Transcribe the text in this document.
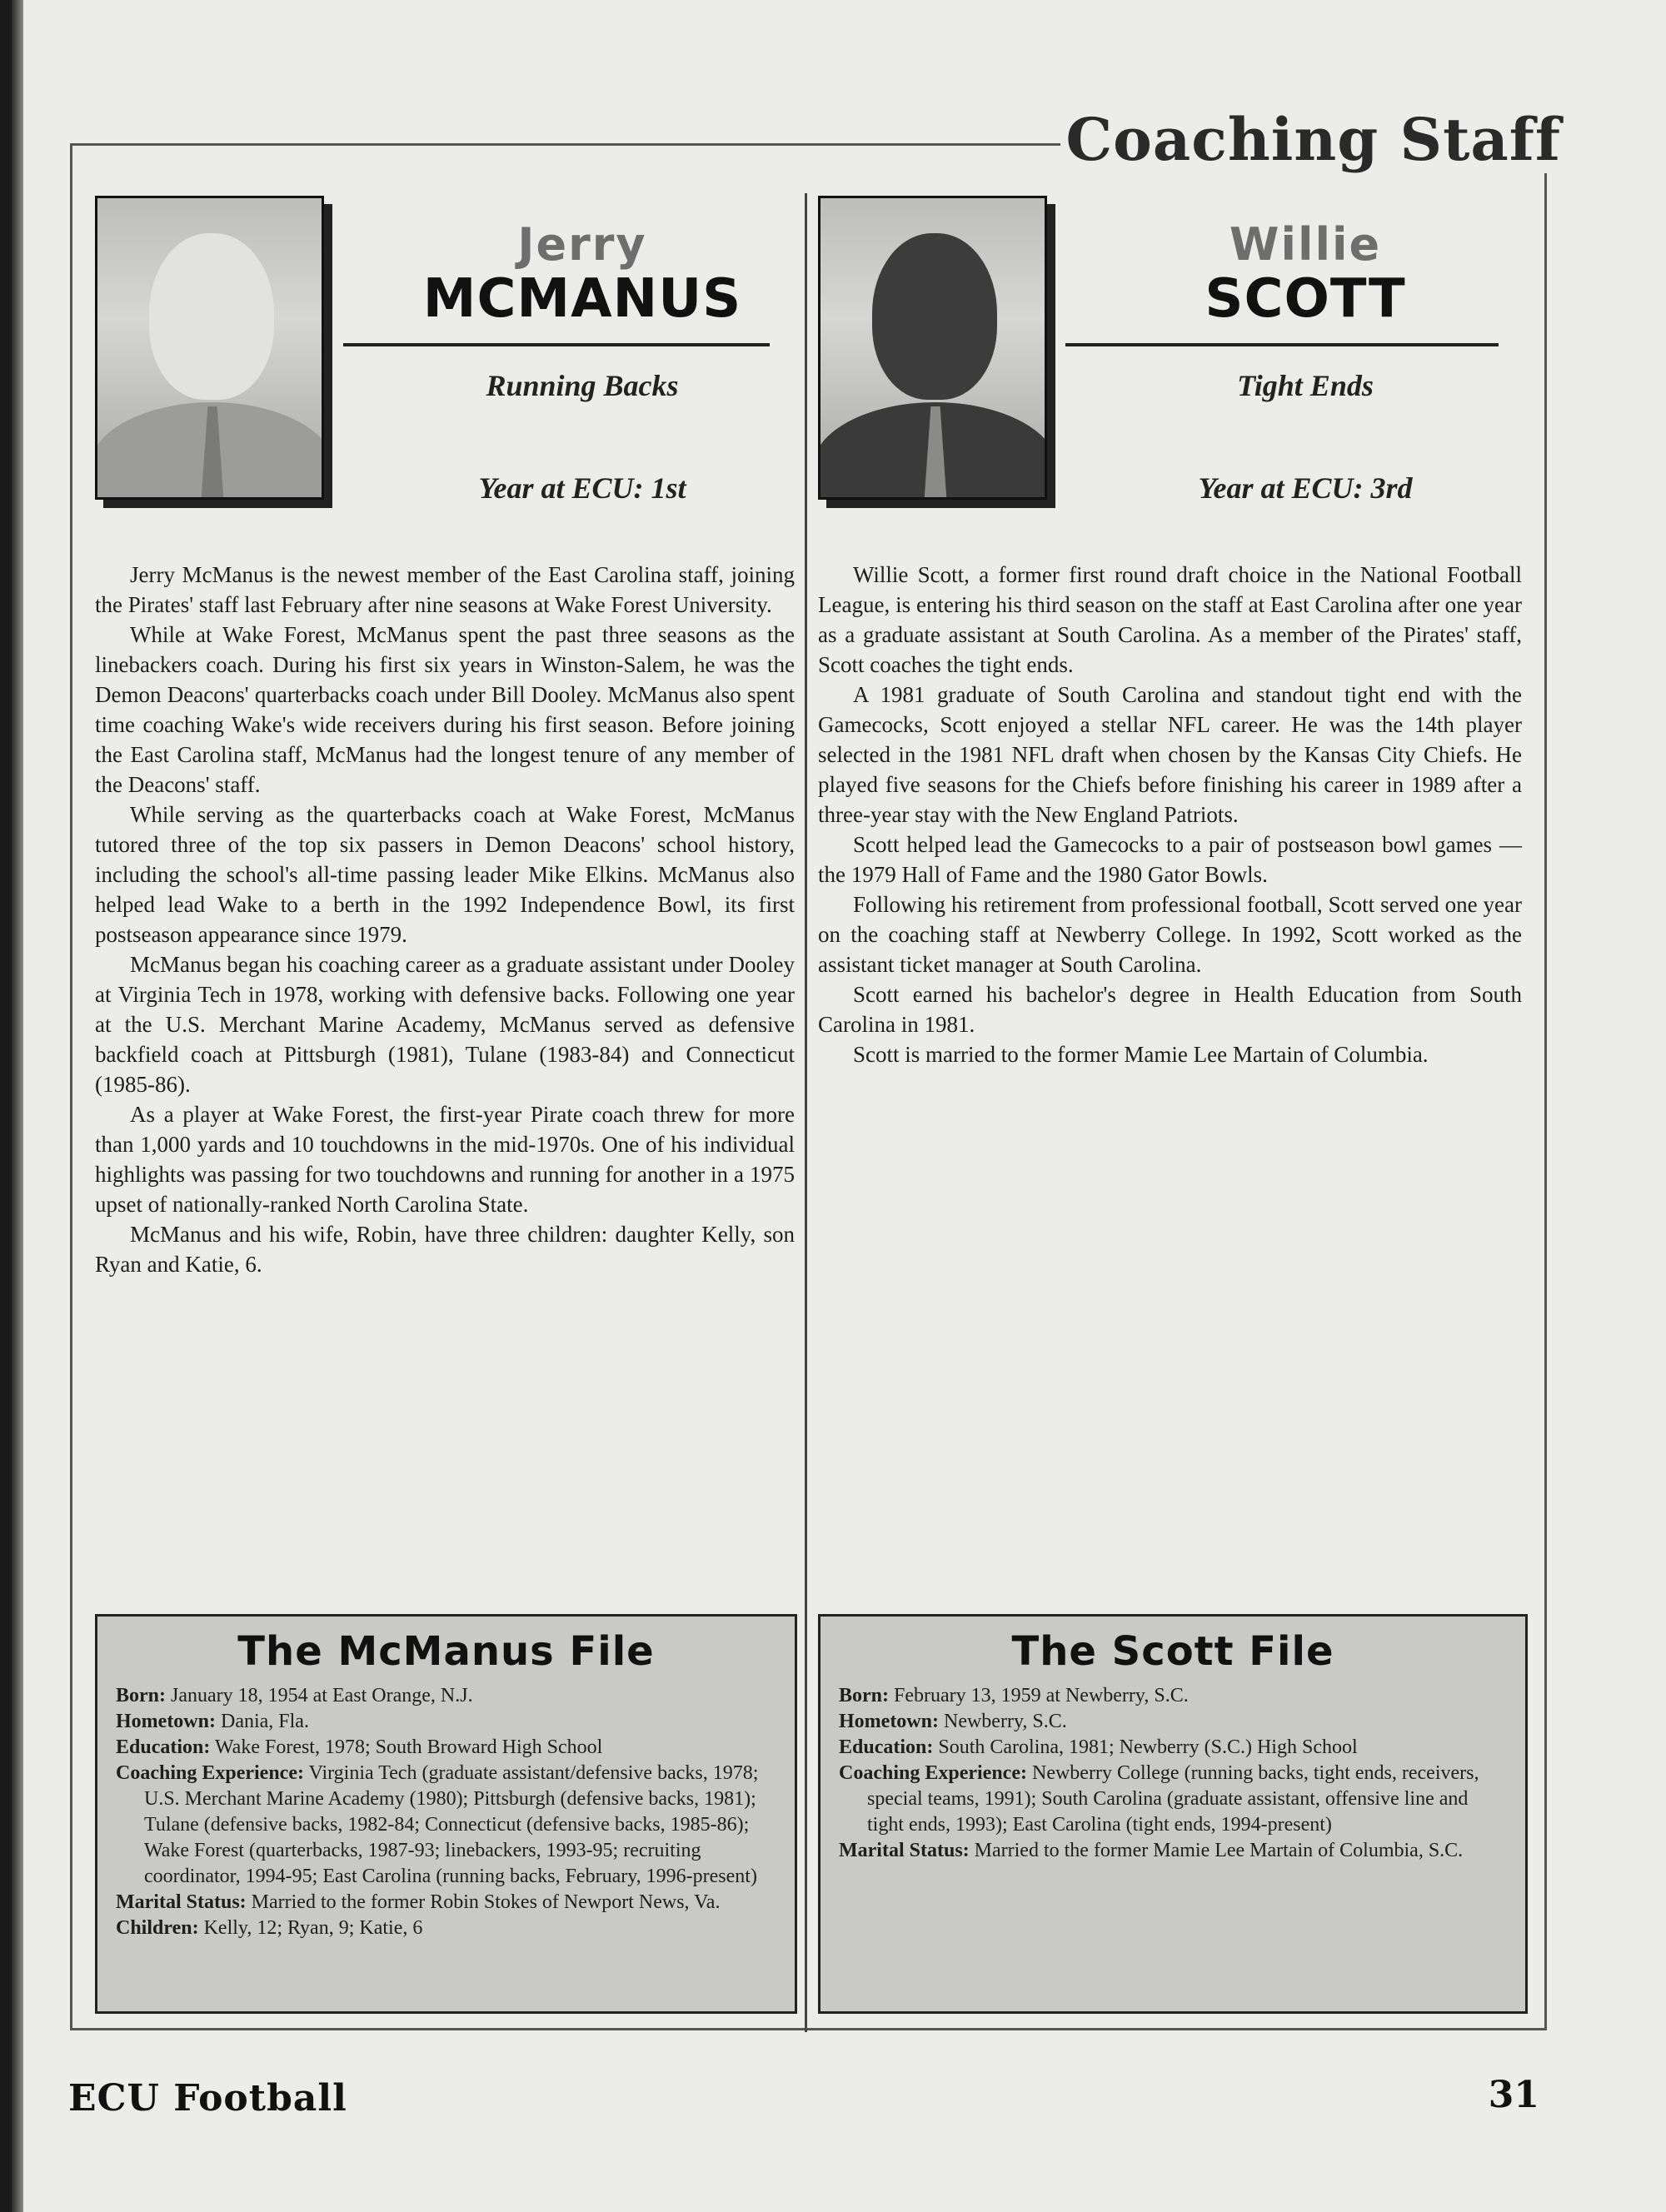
Coaching Staff
Jerry
MCMANUS
Running Backs
Year at ECU: 1st

Jerry McManus is the newest member of the East Carolina staff, joining the Pirates' staff last February after nine seasons at Wake Forest University.

While at Wake Forest, McManus spent the past three seasons as the linebackers coach. During his first six years in Winston-Salem, he was the Demon Deacons' quarterbacks coach under Bill Dooley. McManus also spent time coaching Wake's wide receivers during his first season. Before joining the East Carolina staff, McManus had the longest tenure of any member of the Deacons' staff.

While serving as the quarterbacks coach at Wake Forest, McManus tutored three of the top six passers in Demon Deacons' school history, including the school's all-time passing leader Mike Elkins. McManus also helped lead Wake to a berth in the 1992 Independence Bowl, its first postseason appearance since 1979.

McManus began his coaching career as a graduate assistant under Dooley at Virginia Tech in 1978, working with defensive backs. Following one year at the U.S. Merchant Marine Academy, McManus served as defensive backfield coach at Pittsburgh (1981), Tulane (1983-84) and Connecticut (1985-86).

As a player at Wake Forest, the first-year Pirate coach threw for more than 1,000 yards and 10 touchdowns in the mid-1970s. One of his individual highlights was passing for two touchdowns and running for another in a 1975 upset of nationally-ranked North Carolina State.

McManus and his wife, Robin, have three children: daughter Kelly, son Ryan and Katie, 6.

The McManus File
Born: January 18, 1954 at East Orange, N.J.
Hometown: Dania, Fla.
Education: Wake Forest, 1978; South Broward High School
Coaching Experience: Virginia Tech (graduate assistant/defensive backs, 1978; U.S. Merchant Marine Academy (1980); Pittsburgh (defensive backs, 1981); Tulane (defensive backs, 1982-84; Connecticut (defensive backs, 1985-86); Wake Forest (quarterbacks, 1987-93; linebackers, 1993-95; recruiting coordinator, 1994-95; East Carolina (running backs, February, 1996-present)
Marital Status: Married to the former Robin Stokes of Newport News, Va.
Children: Kelly, 12; Ryan, 9; Katie, 6
Willie
SCOTT
Tight Ends
Year at ECU: 3rd

Willie Scott, a former first round draft choice in the National Football League, is entering his third season on the staff at East Carolina after one year as a graduate assistant at South Carolina. As a member of the Pirates' staff, Scott coaches the tight ends.

A 1981 graduate of South Carolina and standout tight end with the Gamecocks, Scott enjoyed a stellar NFL career. He was the 14th player selected in the 1981 NFL draft when chosen by the Kansas City Chiefs. He played five seasons for the Chiefs before finishing his career in 1989 after a three-year stay with the New England Patriots.

Scott helped lead the Gamecocks to a pair of postseason bowl games — the 1979 Hall of Fame and the 1980 Gator Bowls.

Following his retirement from professional football, Scott served one year on the coaching staff at Newberry College. In 1992, Scott worked as the assistant ticket manager at South Carolina.

Scott earned his bachelor's degree in Health Education from South Carolina in 1981.

Scott is married to the former Mamie Lee Martain of Columbia.

The Scott File
Born: February 13, 1959 at Newberry, S.C.
Hometown: Newberry, S.C.
Education: South Carolina, 1981; Newberry (S.C.) High School
Coaching Experience: Newberry College (running backs, tight ends, receivers, special teams, 1991); South Carolina (graduate assistant, offensive line and tight ends, 1993); East Carolina (tight ends, 1994-present)
Marital Status: Married to the former Mamie Lee Martain of Columbia, S.C.
ECU Football	31
